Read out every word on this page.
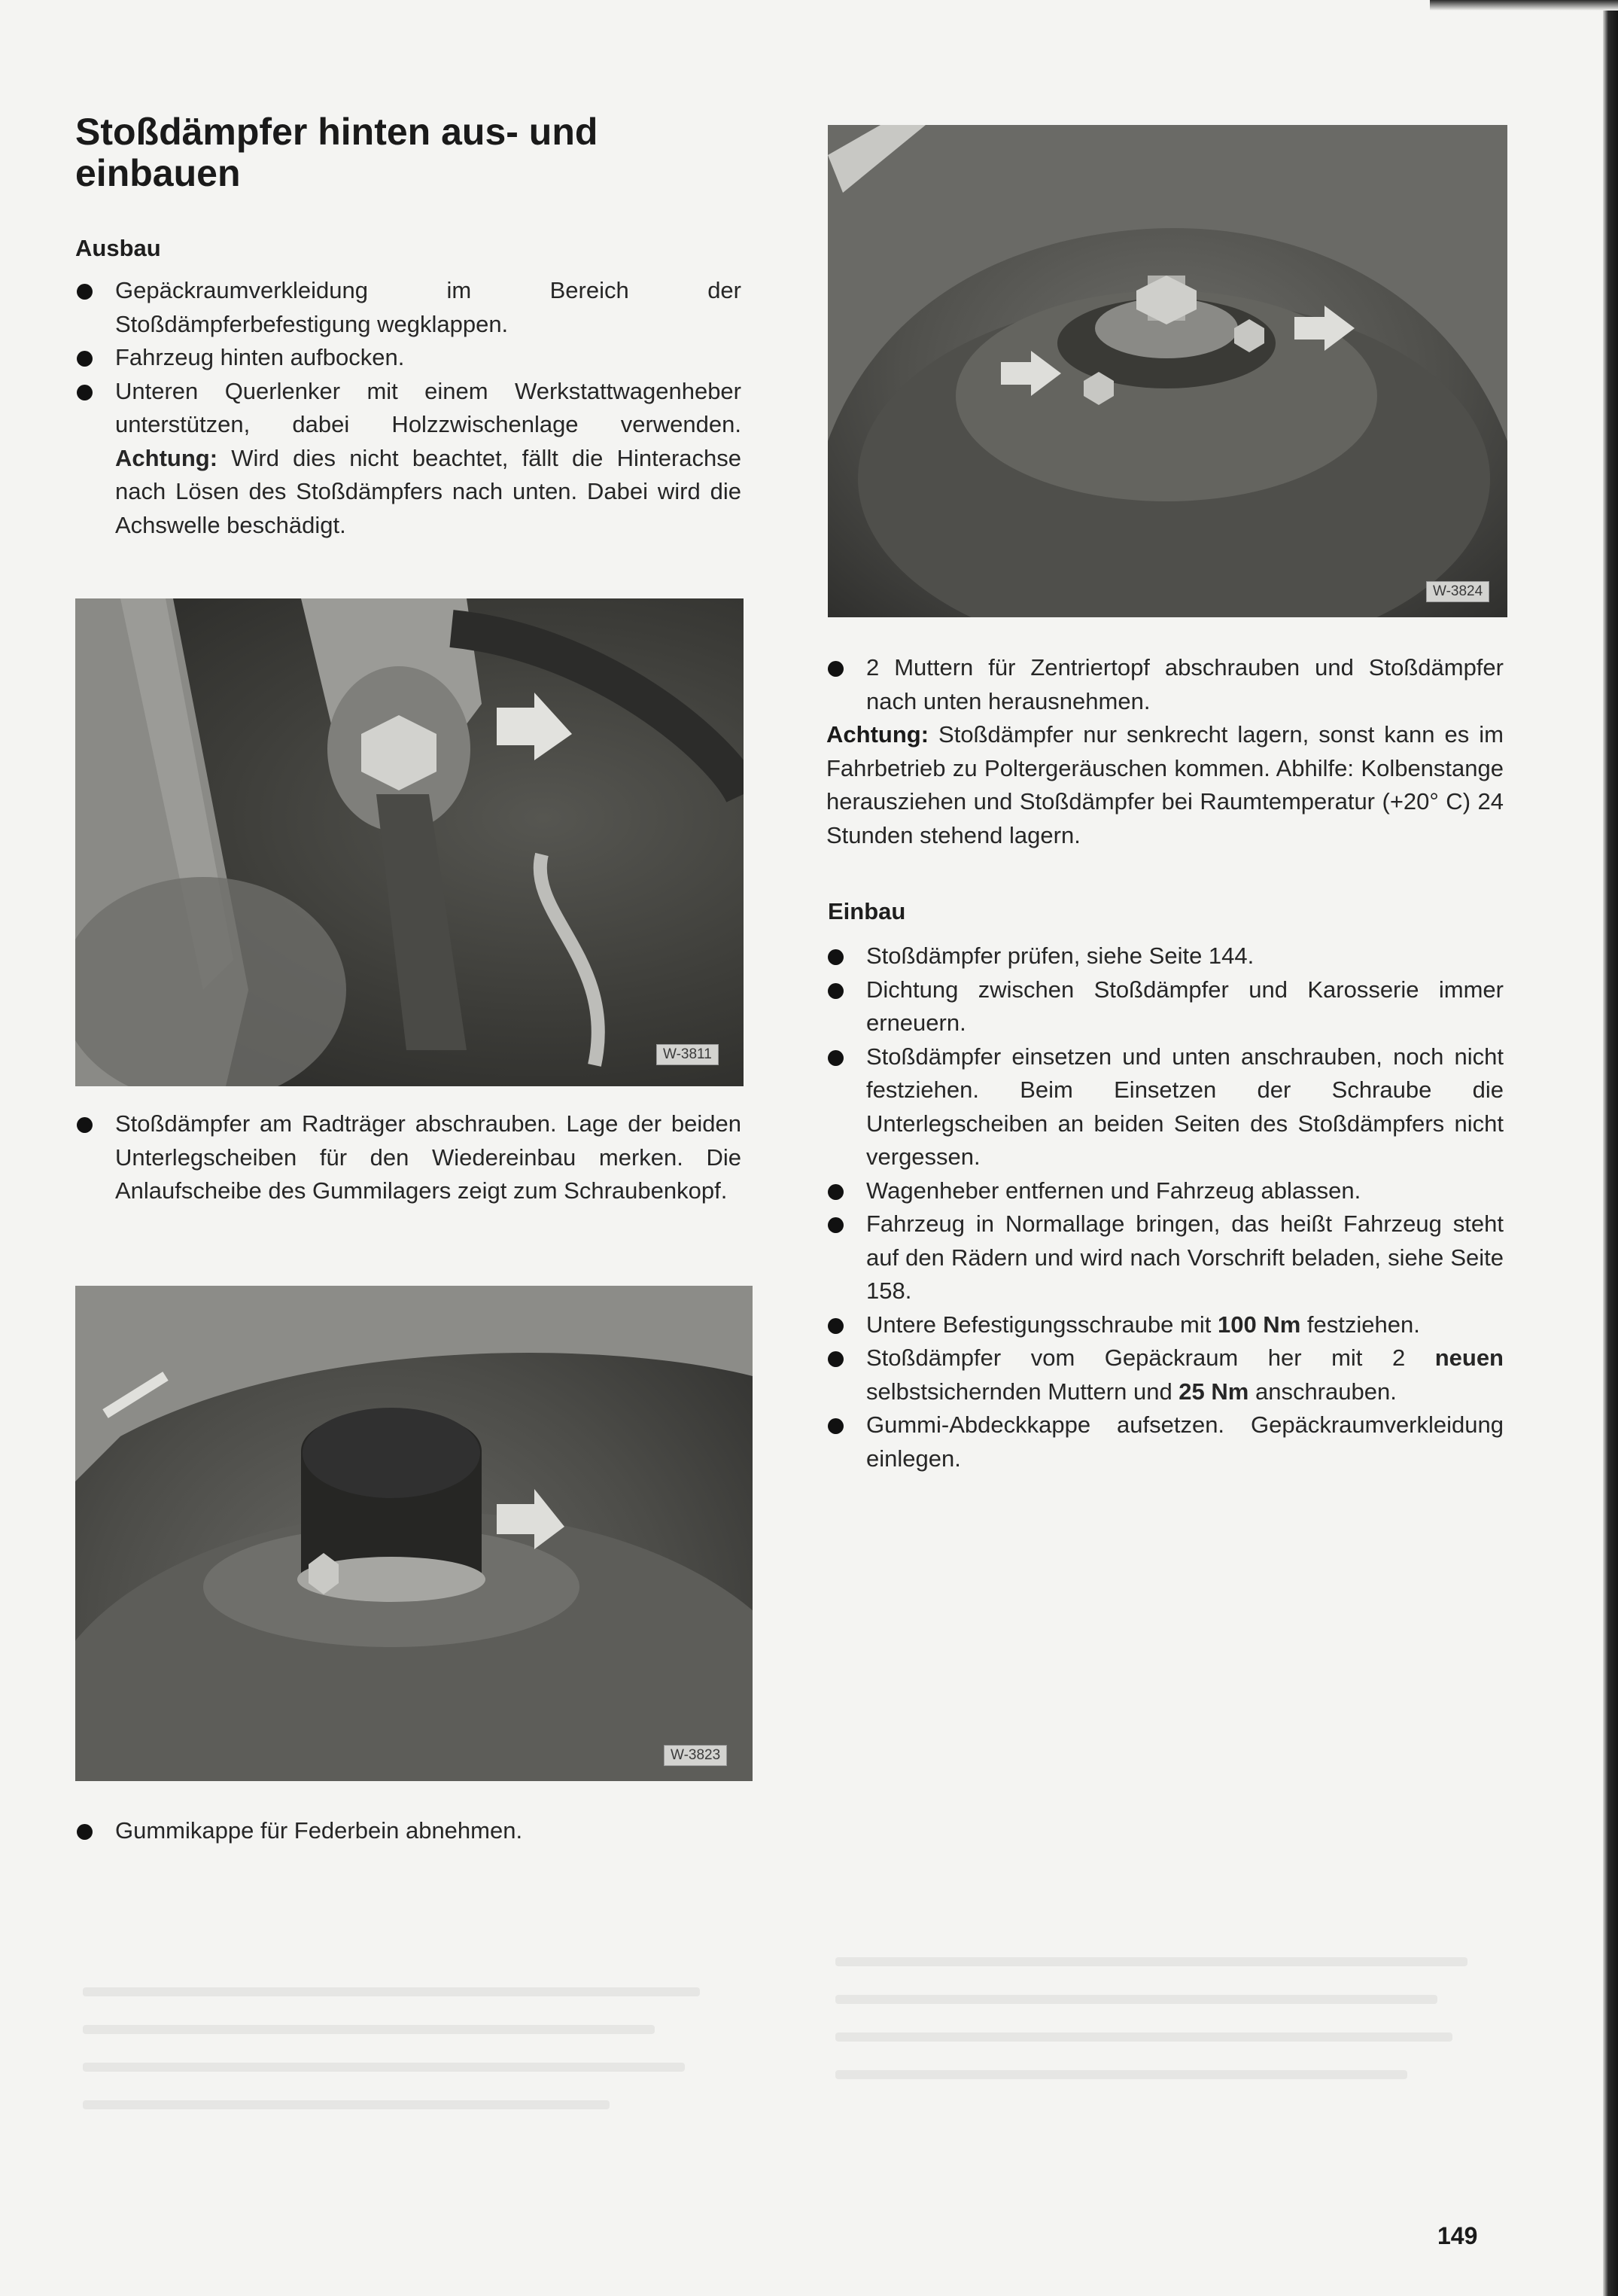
Stoßdämpfer hinten aus- und einbauen
Ausbau

Gepäckraumverkleidung im Bereich der Stoßdämpferbefestigung wegklappen.

Fahrzeug hinten aufbocken.

Unteren Querlenker mit einem Werkstattwagenheber unterstützen, dabei Holzzwischenlage verwenden. Achtung: Wird dies nicht beachtet, fällt die Hinterachse nach Lösen des Stoßdämpfers nach unten. Dabei wird die Achswelle beschädigt.

W-3811

Stoßdämpfer am Radträger abschrauben. Lage der beiden Unterlegscheiben für den Wiedereinbau merken. Die Anlaufscheibe des Gummilagers zeigt zum Schraubenkopf.

W-3823

Gummikappe für Federbein abnehmen.

W-3824

2 Muttern für Zentriertopf abschrauben und Stoßdämpfer nach unten herausnehmen.

Achtung: Stoßdämpfer nur senkrecht lagern, sonst kann es im Fahrbetrieb zu Poltergeräuschen kommen. Abhilfe: Kolbenstange herausziehen und Stoßdämpfer bei Raumtemperatur (+20° C) 24 Stunden stehend lagern.

Einbau

Stoßdämpfer prüfen, siehe Seite 144.

Dichtung zwischen Stoßdämpfer und Karosserie immer erneuern.

Stoßdämpfer einsetzen und unten anschrauben, noch nicht festziehen. Beim Einsetzen der Schraube die Unterlegscheiben an beiden Seiten des Stoßdämpfers nicht vergessen.

Wagenheber entfernen und Fahrzeug ablassen.

Fahrzeug in Normallage bringen, das heißt Fahrzeug steht auf den Rädern und wird nach Vorschrift beladen, siehe Seite 158.

Untere Befestigungsschraube mit 100 Nm festziehen.

Stoßdämpfer vom Gepäckraum her mit 2 neuen selbstsichernden Muttern und 25 Nm anschrauben.

Gummi-Abdeckkappe aufsetzen. Gepäckraumverkleidung einlegen.

149
